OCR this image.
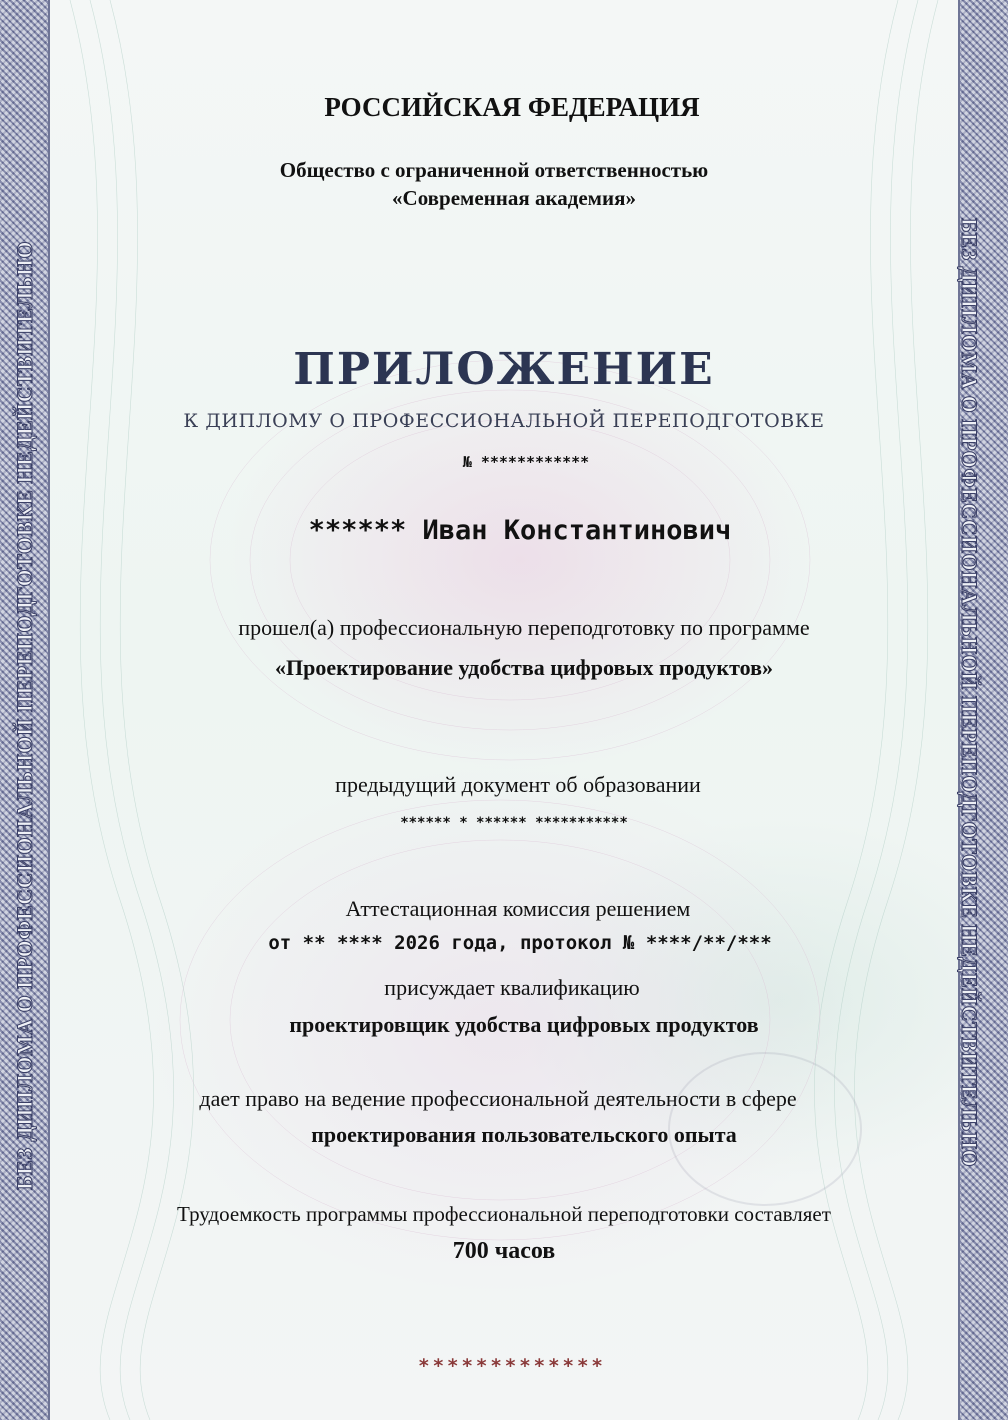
БЕЗ ДИПЛОМА О ПРОФЕССИОНАЛЬНОЙ ПЕРЕПОДГОТОВКЕ НЕДЕЙСТВИТЕЛЬНО	БЕЗ ДИПЛОМА О ПРОФЕССИОНАЛЬНОЙ ПЕРЕПОДГОТОВКЕ НЕДЕЙСТВИТЕЛЬНО
РОССИЙСКАЯ ФЕДЕРАЦИЯ
Общество с ограниченной ответственностью
«Современная академия»
ПРИЛОЖЕНИЕ
К ДИПЛОМУ О ПРОФЕССИОНАЛЬНОЙ ПЕРЕПОДГОТОВКЕ
№ ************
****** Иван Константинович
прошел(а) профессиональную переподготовку по программе
«Проектирование удобства цифровых продуктов»
предыдущий документ об образовании
****** * ****** ***********
Аттестационная комиссия решением
от ** **** 2026 года, протокол № ****/**/***
присуждает квалификацию
проектировщик удобства цифровых продуктов
дает право на ведение профессиональной деятельности в сфере
проектирования пользовательского опыта
Трудоемкость программы профессиональной переподготовки составляет
700 часов
*************
